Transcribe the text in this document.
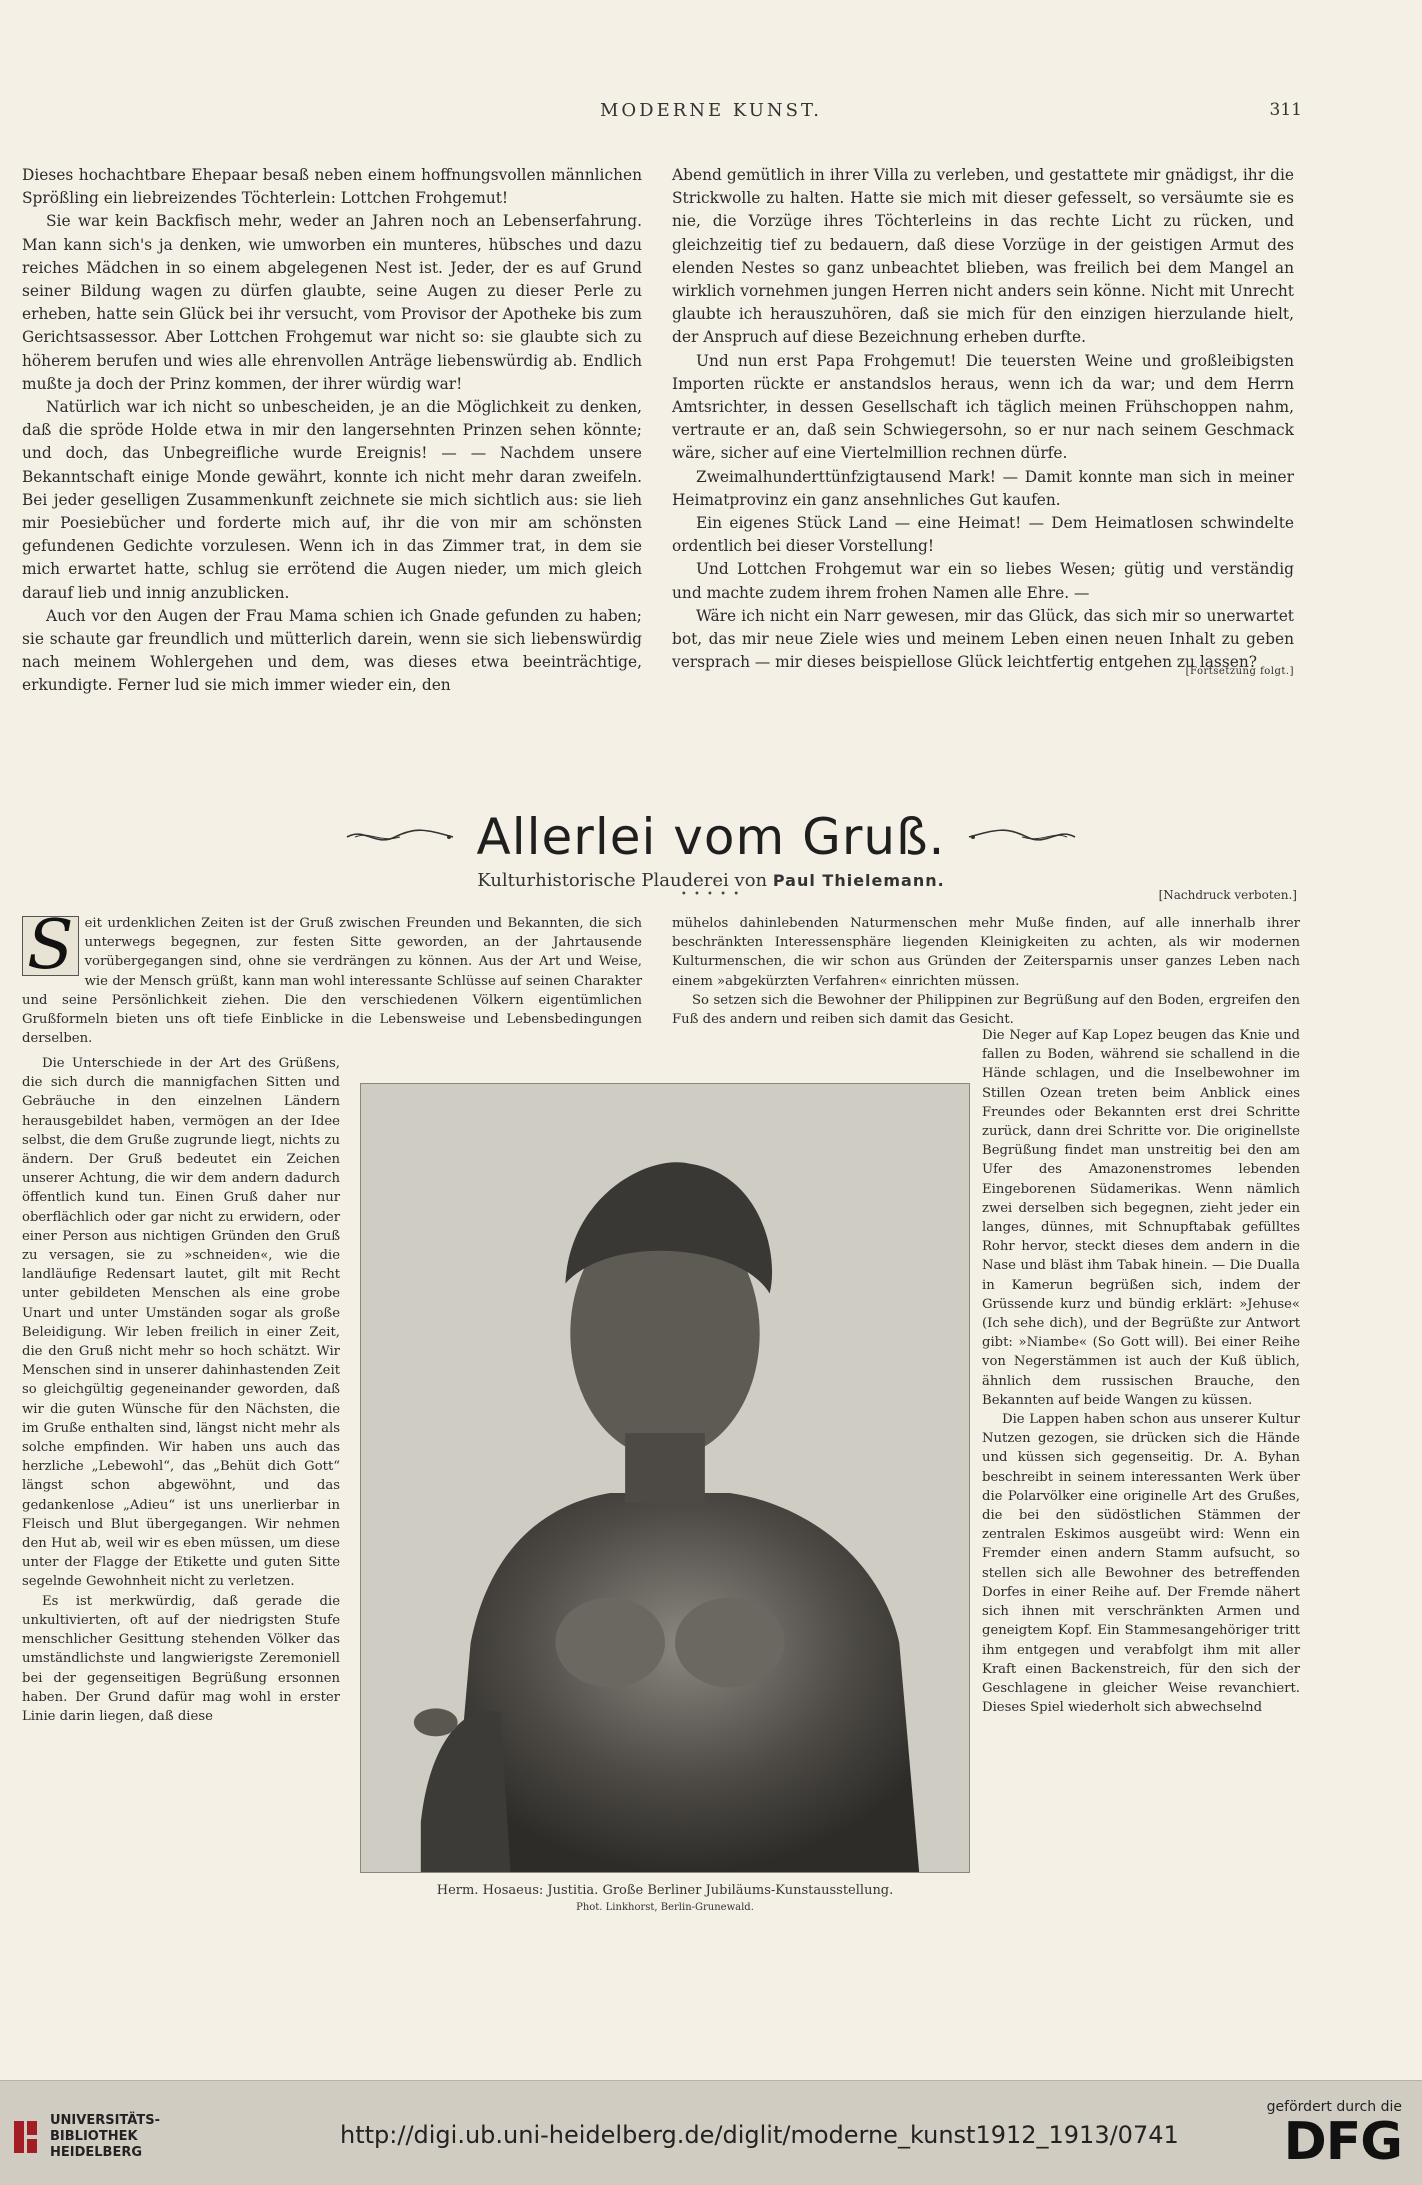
MODERNE KUNST.	311

Dieses hochachtbare Ehepaar besaß neben einem hoffnungsvollen männlichen Sprößling ein liebreizendes Töchterlein: Lottchen Frohgemut!

Sie war kein Backfisch mehr, weder an Jahren noch an Lebenserfahrung. Man kann sich's ja denken, wie umworben ein munteres, hübsches und dazu reiches Mädchen in so einem abgelegenen Nest ist. Jeder, der es auf Grund seiner Bildung wagen zu dürfen glaubte, seine Augen zu dieser Perle zu erheben, hatte sein Glück bei ihr versucht, vom Provisor der Apotheke bis zum Gerichtsassessor. Aber Lottchen Frohgemut war nicht so: sie glaubte sich zu höherem berufen und wies alle ehrenvollen Anträge liebenswürdig ab. Endlich mußte ja doch der Prinz kommen, der ihrer würdig war!

Natürlich war ich nicht so unbescheiden, je an die Möglichkeit zu denken, daß die spröde Holde etwa in mir den langersehnten Prinzen sehen könnte; und doch, das Unbegreifliche wurde Ereignis! — — Nachdem unsere Bekanntschaft einige Monde gewährt, konnte ich nicht mehr daran zweifeln. Bei jeder geselligen Zusammenkunft zeichnete sie mich sichtlich aus: sie lieh mir Poesiebücher und forderte mich auf, ihr die von mir am schönsten gefundenen Gedichte vorzulesen. Wenn ich in das Zimmer trat, in dem sie mich erwartet hatte, schlug sie errötend die Augen nieder, um mich gleich darauf lieb und innig anzublicken.

Auch vor den Augen der Frau Mama schien ich Gnade gefunden zu haben; sie schaute gar freundlich und mütterlich darein, wenn sie sich liebenswürdig nach meinem Wohlergehen und dem, was dieses etwa beeinträchtige, erkundigte. Ferner lud sie mich immer wieder ein, den

Abend gemütlich in ihrer Villa zu verleben, und gestattete mir gnädigst, ihr die Strickwolle zu halten. Hatte sie mich mit dieser gefesselt, so versäumte sie es nie, die Vorzüge ihres Töchterleins in das rechte Licht zu rücken, und gleichzeitig tief zu bedauern, daß diese Vorzüge in der geistigen Armut des elenden Nestes so ganz unbeachtet blieben, was freilich bei dem Mangel an wirklich vornehmen jungen Herren nicht anders sein könne. Nicht mit Unrecht glaubte ich herauszuhören, daß sie mich für den einzigen hierzulande hielt, der Anspruch auf diese Bezeichnung erheben durfte.

Und nun erst Papa Frohgemut! Die teuersten Weine und großleibigsten Importen rückte er anstandslos heraus, wenn ich da war; und dem Herrn Amtsrichter, in dessen Gesellschaft ich täglich meinen Frühschoppen nahm, vertraute er an, daß sein Schwiegersohn, so er nur nach seinem Geschmack wäre, sicher auf eine Viertelmillion rechnen dürfe.

Zweimalhunderttünfzigtausend Mark! — Damit konnte man sich in meiner Heimatprovinz ein ganz ansehnliches Gut kaufen.

Ein eigenes Stück Land — eine Heimat! — Dem Heimatlosen schwindelte ordentlich bei dieser Vorstellung!

Und Lottchen Frohgemut war ein so liebes Wesen; gütig und verständig und machte zudem ihrem frohen Namen alle Ehre. —

Wäre ich nicht ein Narr gewesen, mir das Glück, das sich mir so unerwartet bot, das mir neue Ziele wies und meinem Leben einen neuen Inhalt zu geben versprach — mir dieses beispiellose Glück leichtfertig entgehen zu lassen?

[Fortsetzung folgt.]
Allerlei vom Gruß.
Kulturhistorische Plauderei von Paul Thielemann.
• • • • •	[Nachdruck verboten.]

S eit urdenklichen Zeiten ist der Gruß zwischen Freunden und Bekannten, die sich unterwegs begegnen, zur festen Sitte geworden, an der Jahrtausende vorübergegangen sind, ohne sie verdrängen zu können. Aus der Art und Weise, wie der Mensch grüßt, kann man wohl interessante Schlüsse auf seinen Charakter und seine Persönlichkeit ziehen. Die den verschiedenen Völkern eigentümlichen Grußformeln bieten uns oft tiefe Einblicke in die Lebensweise und Lebensbedingungen derselben.

Die Unterschiede in der Art des Grüßens, die sich durch die mannigfachen Sitten und Gebräuche in den einzelnen Ländern herausgebildet haben, vermögen an der Idee selbst, die dem Gruße zugrunde liegt, nichts zu ändern. Der Gruß bedeutet ein Zeichen unserer Achtung, die wir dem andern dadurch öffentlich kund tun. Einen Gruß daher nur oberflächlich oder gar nicht zu erwidern, oder einer Person aus nichtigen Gründen den Gruß zu versagen, sie zu »schneiden«, wie die landläufige Redensart lautet, gilt mit Recht unter gebildeten Menschen als eine grobe Unart und unter Umständen sogar als große Beleidigung. Wir leben freilich in einer Zeit, die den Gruß nicht mehr so hoch schätzt. Wir Menschen sind in unserer dahinhastenden Zeit so gleichgültig gegeneinander geworden, daß wir die guten Wünsche für den Nächsten, die im Gruße enthalten sind, längst nicht mehr als solche empfinden. Wir haben uns auch das herzliche „Lebewohl“, das „Behüt dich Gott“ längst schon abgewöhnt, und das gedankenlose „Adieu“ ist uns unerlierbar in Fleisch und Blut übergegangen. Wir nehmen den Hut ab, weil wir es eben müssen, um diese unter der Flagge der Etikette und guten Sitte segelnde Gewohnheit nicht zu verletzen.

Es ist merkwürdig, daß gerade die unkultivierten, oft auf der niedrigsten Stufe menschlicher Gesittung stehenden Völker das umständlichste und langwierigste Zeremoniell bei der gegenseitigen Begrüßung ersonnen haben. Der Grund dafür mag wohl in erster Linie darin liegen, daß diese

mühelos dahinlebenden Naturmenschen mehr Muße finden, auf alle innerhalb ihrer beschränkten Interessensphäre liegenden Kleinigkeiten zu achten, als wir modernen Kulturmenschen, die wir schon aus Gründen der Zeitersparnis unser ganzes Leben nach einem »abgekürzten Verfahren« einrichten müssen.

So setzen sich die Bewohner der Philippinen zur Begrüßung auf den Boden, ergreifen den Fuß des andern und reiben sich damit das Gesicht.

Die Neger auf Kap Lopez beugen das Knie und fallen zu Boden, während sie schallend in die Hände schlagen, und die Inselbewohner im Stillen Ozean treten beim Anblick eines Freundes oder Bekannten erst drei Schritte zurück, dann drei Schritte vor. Die originellste Begrüßung findet man unstreitig bei den am Ufer des Amazonenstromes lebenden Eingeborenen Südamerikas. Wenn nämlich zwei derselben sich begegnen, zieht jeder ein langes, dünnes, mit Schnupftabak gefülltes Rohr hervor, steckt dieses dem andern in die Nase und bläst ihm Tabak hinein. — Die Dualla in Kamerun begrüßen sich, indem der Grüssende kurz und bündig erklärt: »Jehuse« (Ich sehe dich), und der Begrüßte zur Antwort gibt: »Niambe« (So Gott will). Bei einer Reihe von Negerstämmen ist auch der Kuß üblich, ähnlich dem russischen Brauche, den Bekannten auf beide Wangen zu küssen.

Die Lappen haben schon aus unserer Kultur Nutzen gezogen, sie drücken sich die Hände und küssen sich gegenseitig. Dr. A. Byhan beschreibt in seinem interessanten Werk über die Polarvölker eine originelle Art des Grußes, die bei den südöstlichen Stämmen der zentralen Eskimos ausgeübt wird: Wenn ein Fremder einen andern Stamm aufsucht, so stellen sich alle Bewohner des betreffenden Dorfes in einer Reihe auf. Der Fremde nähert sich ihnen mit verschränkten Armen und geneigtem Kopf. Ein Stammesangehöriger tritt ihm entgegen und verabfolgt ihm mit aller Kraft einen Backenstreich, für den sich der Geschlagene in gleicher Weise revanchiert. Dieses Spiel wiederholt sich abwechselnd

Herm. Hosaeus: Justitia. Große Berliner Jubiläums-Kunstausstellung.
Phot. Linkhorst, Berlin-Grunewald.
UNIVERSITÄTS-
BIBLIOTHEK
HEIDELBERG
http://digi.ub.uni-heidelberg.de/diglit/moderne_kunst1912_1913/0741
gefördert durch die
DFG
